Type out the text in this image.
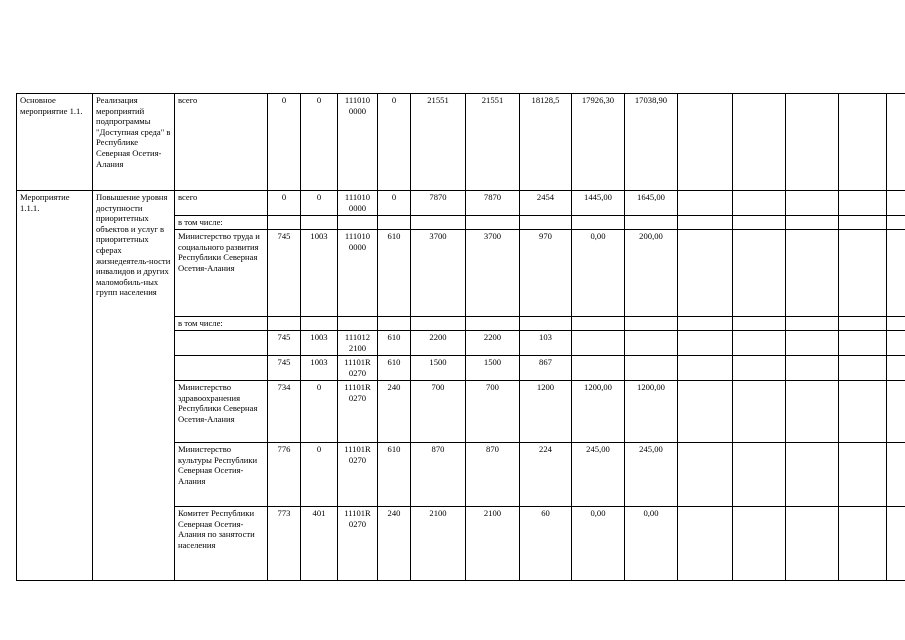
Основное мероприятие 1.1.	Реализация мероприятий подпрограммы "Доступная среда" в Республике Северная Осетия-Алания	всего	0	0	111010 0000	0	21551	21551	18128,5	17926,30	17038,90					
Мероприятие 1.1.1.	Повышение уровня доступности приоритетных объектов и услуг в приоритетных сферах жизнедеятель-ности инвалидов и других маломобиль-ных групп населения	всего	0	0	111010 0000	0	7870	7870	2454	1445,00	1645,00					
		в том числе:														
		Министерство труда и социального развития Республики Северная Осетия-Алания	745	1003	111010 0000	610	3700	3700	970	0,00	200,00					
		в том числе:														
			745	1003	111012 2100	610	2200	2200	103							
			745	1003	11101R 0270	610	1500	1500	867							
		Министерство здравоохранения Республики Северная Осетия-Алания	734	0	11101R 0270	240	700	700	1200	1200,00	1200,00					
		Министерство культуры Республики Северная Осетия-Алания	776	0	11101R 0270	610	870	870	224	245,00	245,00					
		Комитет Республики Северная Осетия-Алания по занятости населения	773	401	11101R 0270	240	2100	2100	60	0,00	0,00					
